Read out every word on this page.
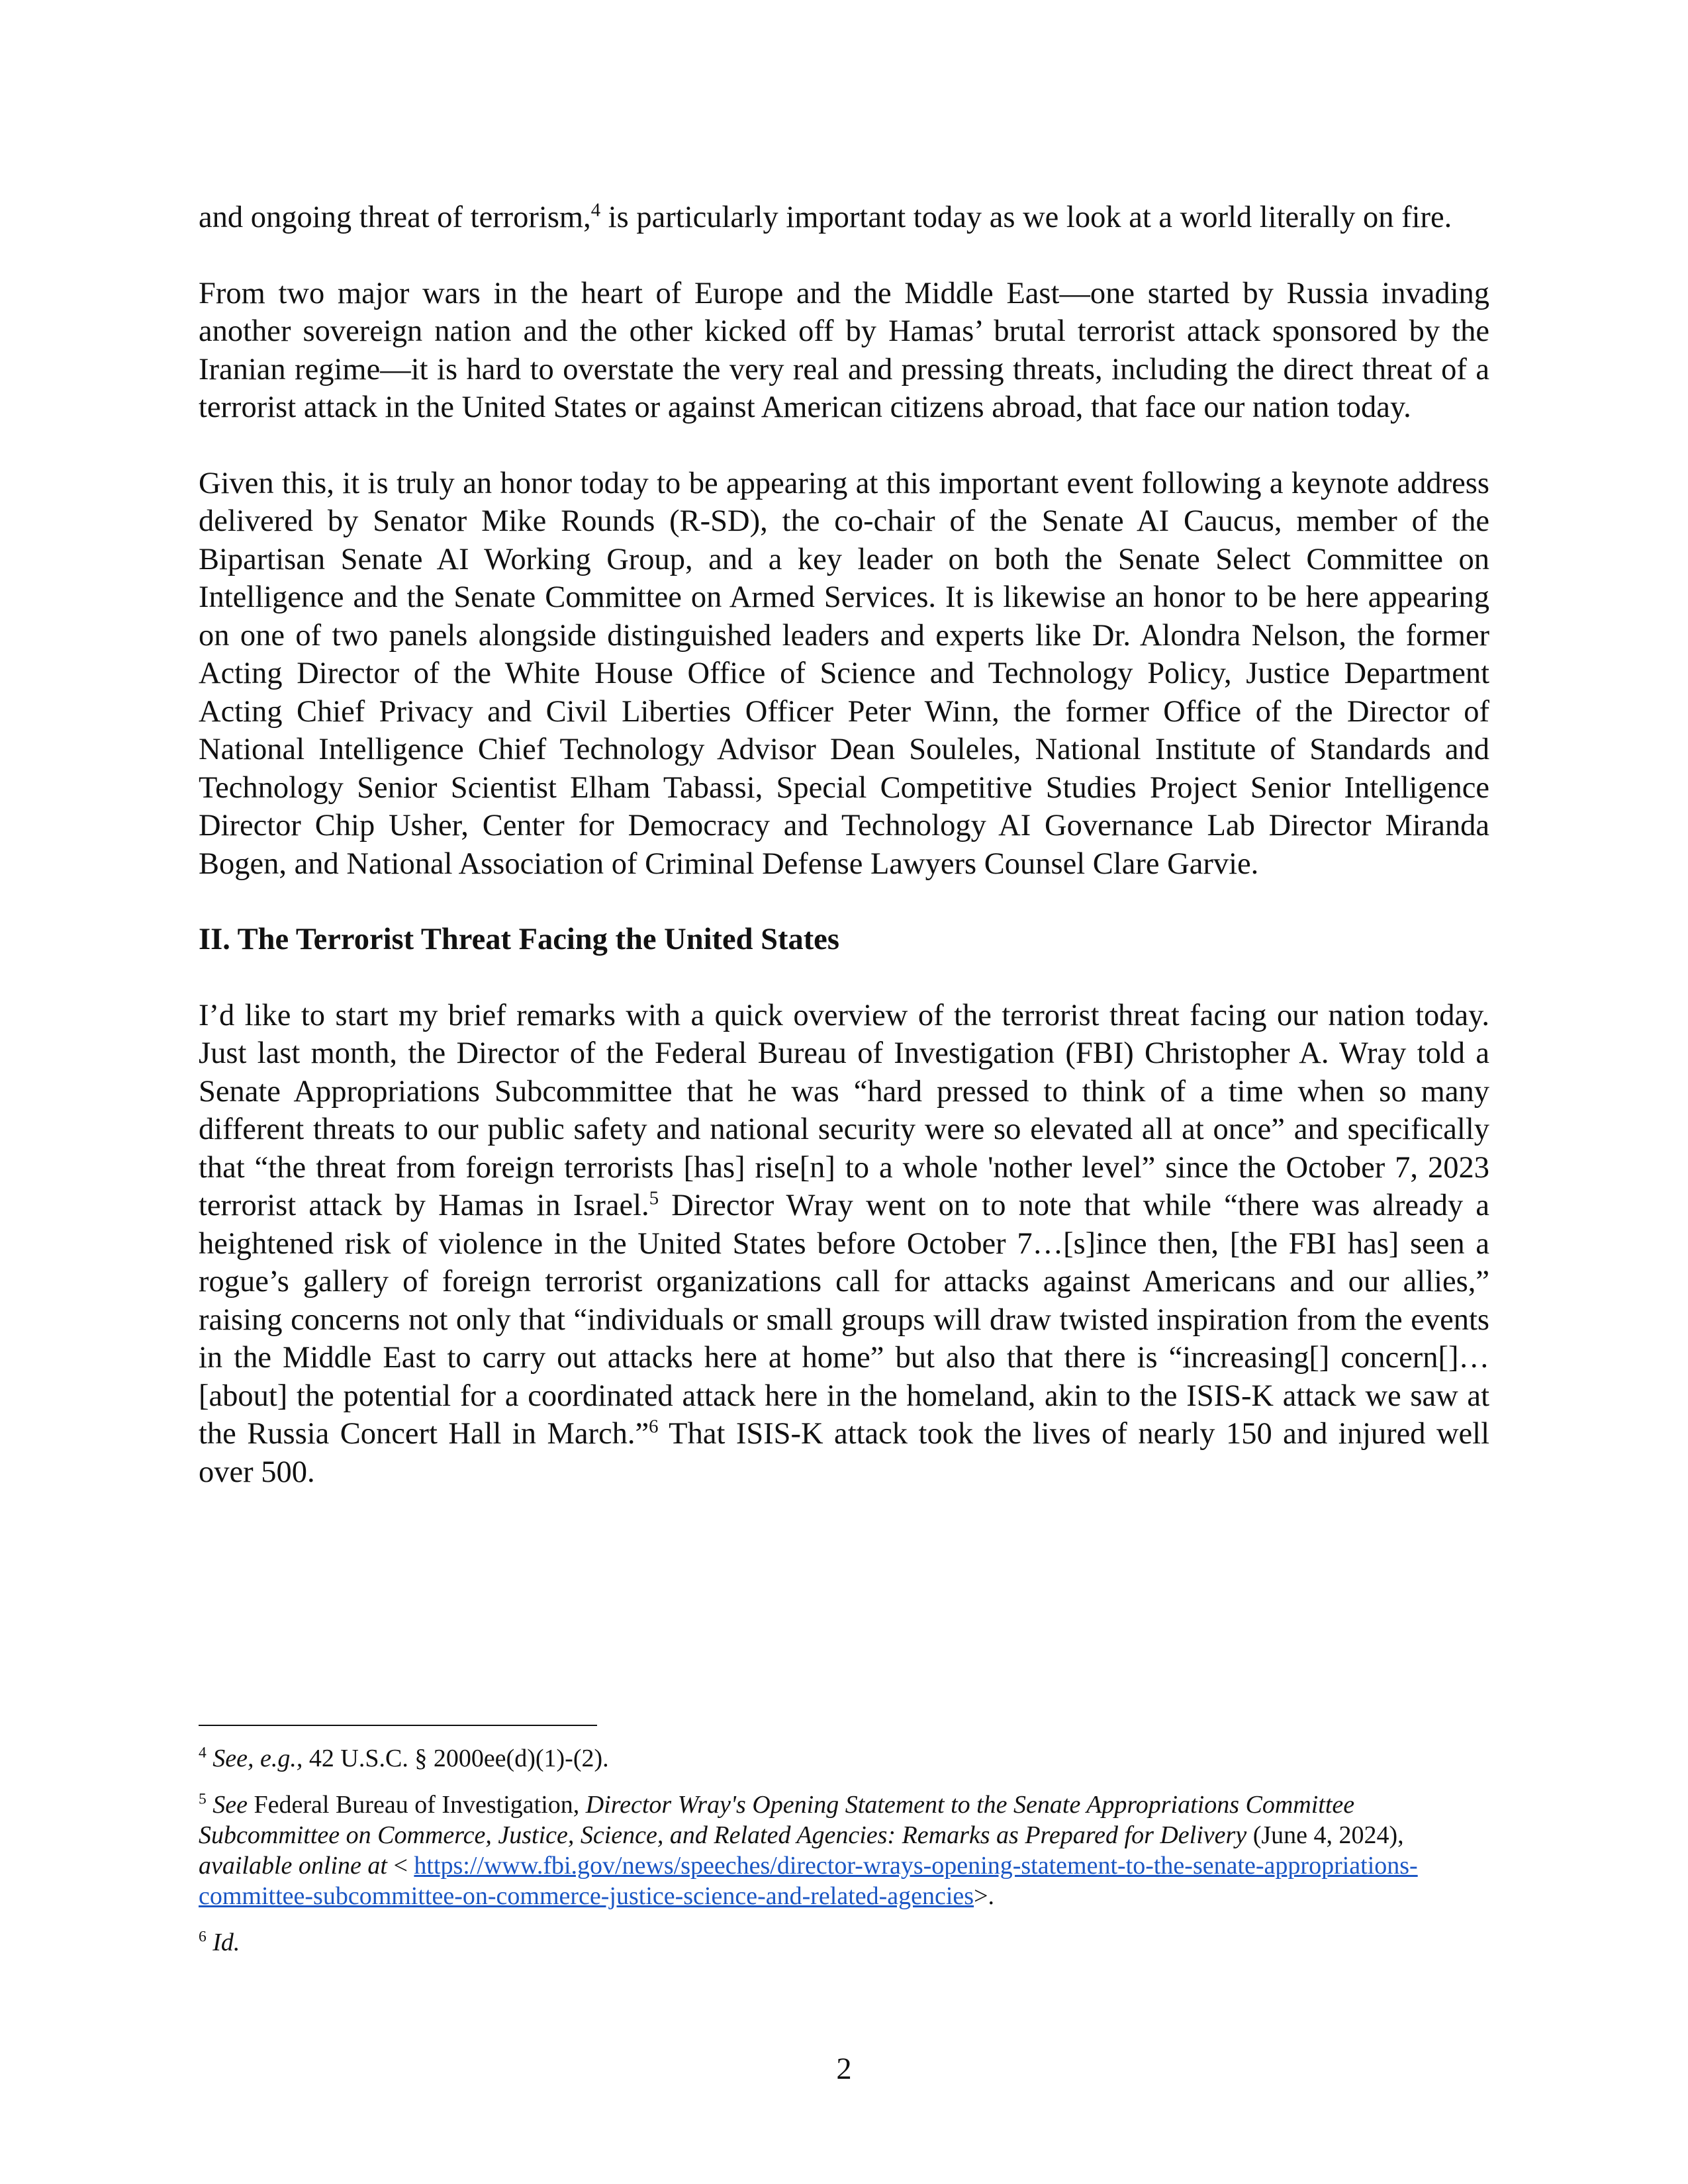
and ongoing threat of terrorism,$^4$ is particularly important today as we look at a world literally on fire.

From two major wars in the heart of Europe and the Middle East—one started by Russia invading another sovereign nation and the other kicked off by Hamas’ brutal terrorist attack sponsored by the Iranian regime—it is hard to overstate the very real and pressing threats, including the direct threat of a terrorist attack in the United States or against American citizens abroad, that face our nation today.

Given this, it is truly an honor today to be appearing at this important event following a keynote address delivered by Senator Mike Rounds (R-SD), the co-chair of the Senate AI Caucus, member of the Bipartisan Senate AI Working Group, and a key leader on both the Senate Select Committee on Intelligence and the Senate Committee on Armed Services. It is likewise an honor to be here appearing on one of two panels alongside distinguished leaders and experts like Dr. Alondra Nelson, the former Acting Director of the White House Office of Science and Technology Policy, Justice Department Acting Chief Privacy and Civil Liberties Officer Peter Winn, the former Office of the Director of National Intelligence Chief Technology Advisor Dean Souleles, National Institute of Standards and Technology Senior Scientist Elham Tabassi, Special Competitive Studies Project Senior Intelligence Director Chip Usher, Center for Democracy and Technology AI Governance Lab Director Miranda Bogen, and National Association of Criminal Defense Lawyers Counsel Clare Garvie.

II. The Terrorist Threat Facing the United States

I’d like to start my brief remarks with a quick overview of the terrorist threat facing our nation today. Just last month, the Director of the Federal Bureau of Investigation (FBI) Christopher A. Wray told a Senate Appropriations Subcommittee that he was “hard pressed to think of a time when so many different threats to our public safety and national security were so elevated all at once” and specifically that “the threat from foreign terrorists [has] rise[n] to a whole 'nother level” since the October 7, 2023 terrorist attack by Hamas in Israel.$^5$ Director Wray went on to note that while “there was already a heightened risk of violence in the United States before October 7…[s]ince then, [the FBI has] seen a rogue’s gallery of foreign terrorist organizations call for attacks against Americans and our allies,” raising concerns not only that “individuals or small groups will draw twisted inspiration from the events in the Middle East to carry out attacks here at home” but also that there is “increasing[] concern[]…[about] the potential for a coordinated attack here in the homeland, akin to the ISIS-K attack we saw at the Russia Concert Hall in March.”$^6$ That ISIS-K attack took the lives of nearly 150 and injured well over 500.

$^4$ See, e.g., 42 U.S.C. § 2000ee(d)(1)-(2).

$^5$ See Federal Bureau of Investigation, Director Wray's Opening Statement to the Senate Appropriations Committee Subcommittee on Commerce, Justice, Science, and Related Agencies: Remarks as Prepared for Delivery (June 4, 2024), available online at < https://www.fbi.gov/news/speeches/director-wrays-opening-statement-to-the-senate-appropriations-committee-subcommittee-on-commerce-justice-science-and-related-agencies>.

$^6$ Id.

2
